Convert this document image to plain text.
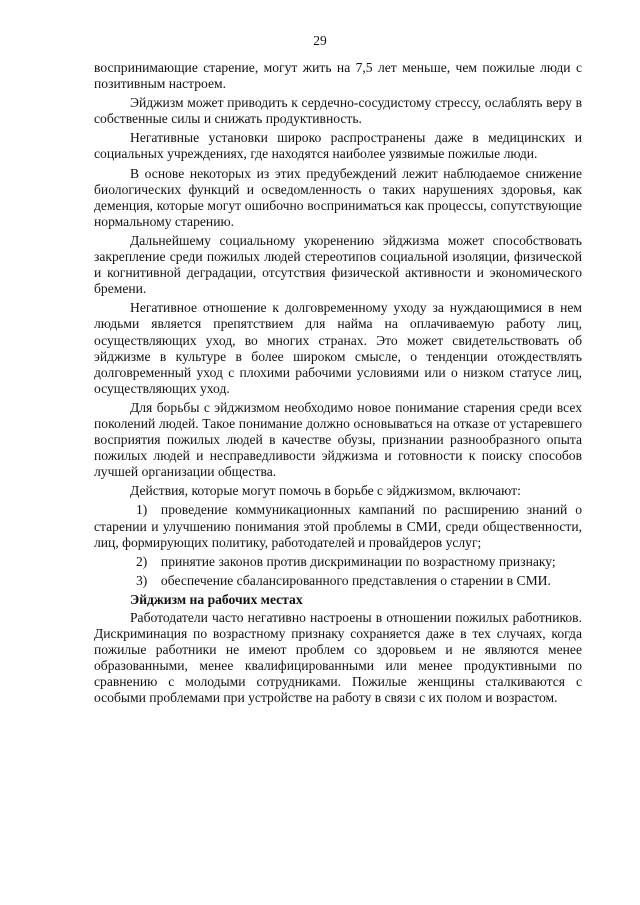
29

воспринимающие старение, могут жить на 7,5 лет меньше, чем пожилые люди с позитивным настроем.

Эйджизм может приводить к сердечно-сосудистому стрессу, ослаблять веру в собственные силы и снижать продуктивность.

Негативные установки широко распространены даже в медицинских и социальных учреждениях, где находятся наиболее уязвимые пожилые люди.

В основе некоторых из этих предубеждений лежит наблюдаемое снижение биологических функций и осведомленность о таких нарушениях здоровья, как деменция, которые могут ошибочно восприниматься как процессы, сопутствующие нормальному старению.

Дальнейшему социальному укоренению эйджизма может способствовать закрепление среди пожилых людей стереотипов социальной изоляции, физической и когнитивной деградации, отсутствия физической активности и экономического бремени.

Негативное отношение к долговременному уходу за нуждающимися в нем людьми является препятствием для найма на оплачиваемую работу лиц, осуществляющих уход, во многих странах. Это может свидетельствовать об эйджизме в культуре в более широком смысле, о тенденции отождествлять долговременный уход с плохими рабочими условиями или о низком статусе лиц, осуществляющих уход.

Для борьбы с эйджизмом необходимо новое понимание старения среди всех поколений людей. Такое понимание должно основываться на отказе от устаревшего восприятия пожилых людей в качестве обузы, признании разнообразного опыта пожилых людей и несправедливости эйджизма и готовности к поиску способов лучшей организации общества.

Действия, которые могут помочь в борьбе с эйджизмом, включают:

1) проведение коммуникационных кампаний по расширению знаний о старении и улучшению понимания этой проблемы в СМИ, среди общественности, лиц, формирующих политику, работодателей и провайдеров услуг;

2) принятие законов против дискриминации по возрастному признаку;

3) обеспечение сбалансированного представления о старении в СМИ.

Эйджизм на рабочих местах

Работодатели часто негативно настроены в отношении пожилых работников. Дискриминация по возрастному признаку сохраняется даже в тех случаях, когда пожилые работники не имеют проблем со здоровьем и не являются менее образованными, менее квалифицированными или менее продуктивными по сравнению с молодыми сотрудниками. Пожилые женщины сталкиваются с особыми проблемами при устройстве на работу в связи с их полом и возрастом.
